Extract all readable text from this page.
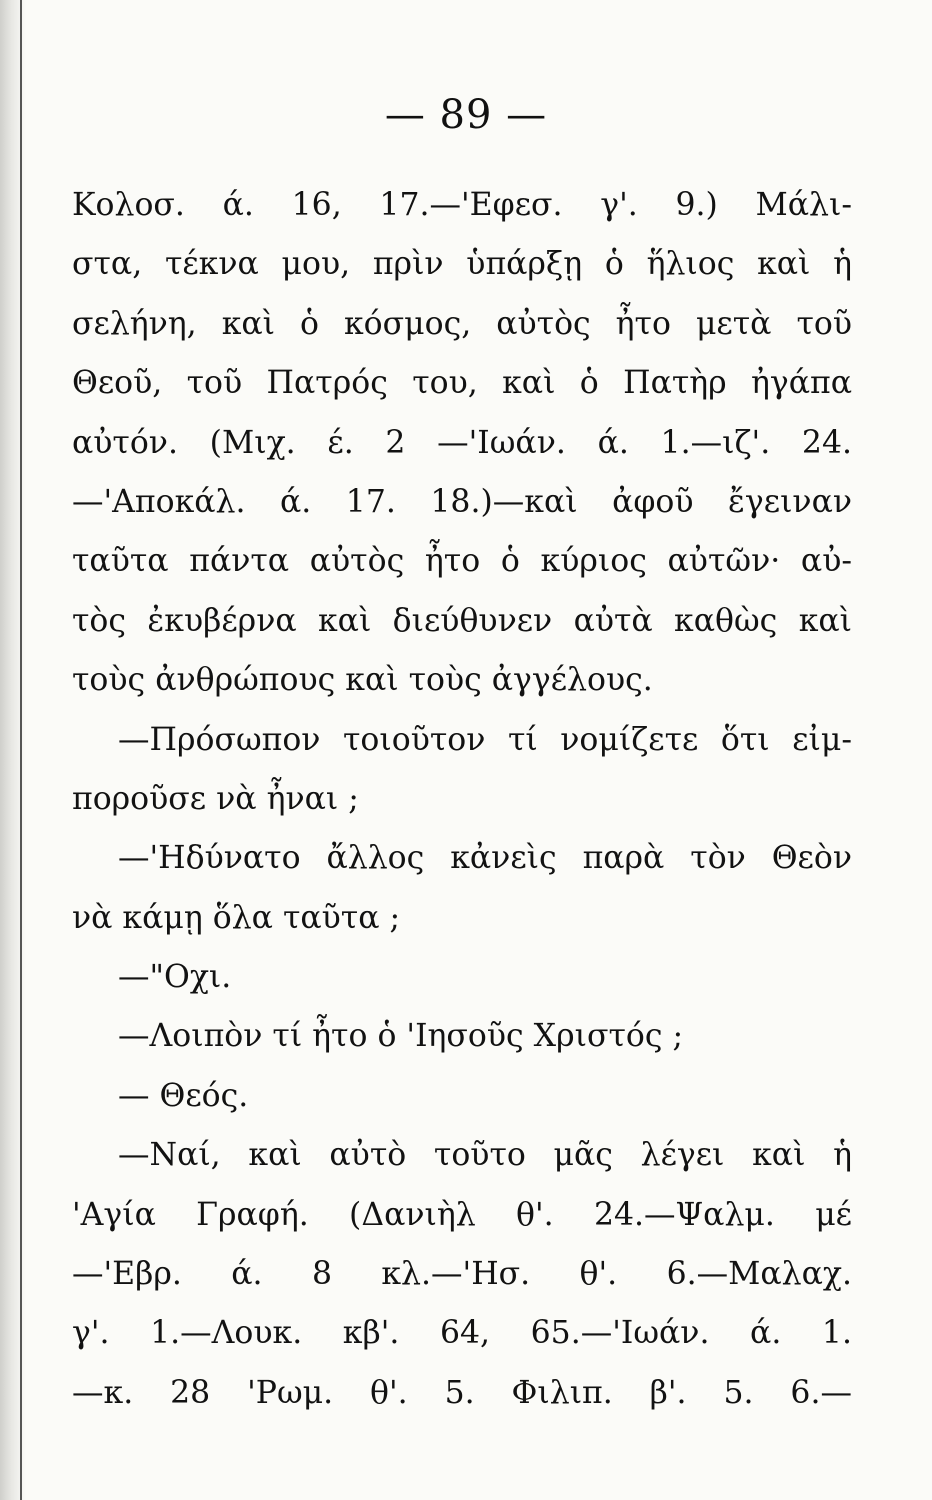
— 89 —
Κολοσ. ά. 16, 17.—'Εφεσ. γ'. 9.) Μάλι-
στα, τέκνα μου, πρὶν ὑπάρξῃ ὁ ἥλιος καὶ ἡ
σελήνη, καὶ ὁ κόσμος, αὐτὸς ἦτο μετὰ τοῦ
Θεοῦ, τοῦ Πατρός του, καὶ ὁ Πατὴρ ἠγάπα
αὐτόν. (Μιχ. έ. 2 —'Ιωάν. ά. 1.—ιζ'. 24.
—'Αποκάλ. ά. 17. 18.)—καὶ ἀφοῦ ἔγειναν
ταῦτα πάντα αὐτὸς ἦτο ὁ κύριος αὐτῶν· αὐ-
τὸς ἐκυβέρνα καὶ διεύθυνεν αὐτὰ καθὼς καὶ
τοὺς ἀνθρώπους καὶ τοὺς ἀγγέλους.
—Πρόσωπον τοιοῦτον τί νομίζετε ὅτι εἰμ-
ποροῦσε νὰ ἦναι ;
—'Ηδύνατο ἄλλος κἀνεὶς παρὰ τὸν Θεὸν
νὰ κάμῃ ὅλα ταῦτα ;
—"Οχι.
—Λοιπὸν τί ἦτο ὁ 'Ιησοῦς Χριστός ;
— Θεός.
—Ναί, καὶ αὐτὸ τοῦτο μᾶς λέγει καὶ ἡ
'Αγία Γραφή. (Δανιὴλ θ'. 24.—Ψαλμ. μέ
—'Εβρ. ά. 8 κλ.—'Ησ. θ'. 6.—Μαλαχ.
γ'. 1.—Λουκ. κβ'. 64, 65.—'Ιωάν. ά. 1.
—κ. 28 'Ρωμ. θ'. 5. Φιλιπ. β'. 5. 6.—
